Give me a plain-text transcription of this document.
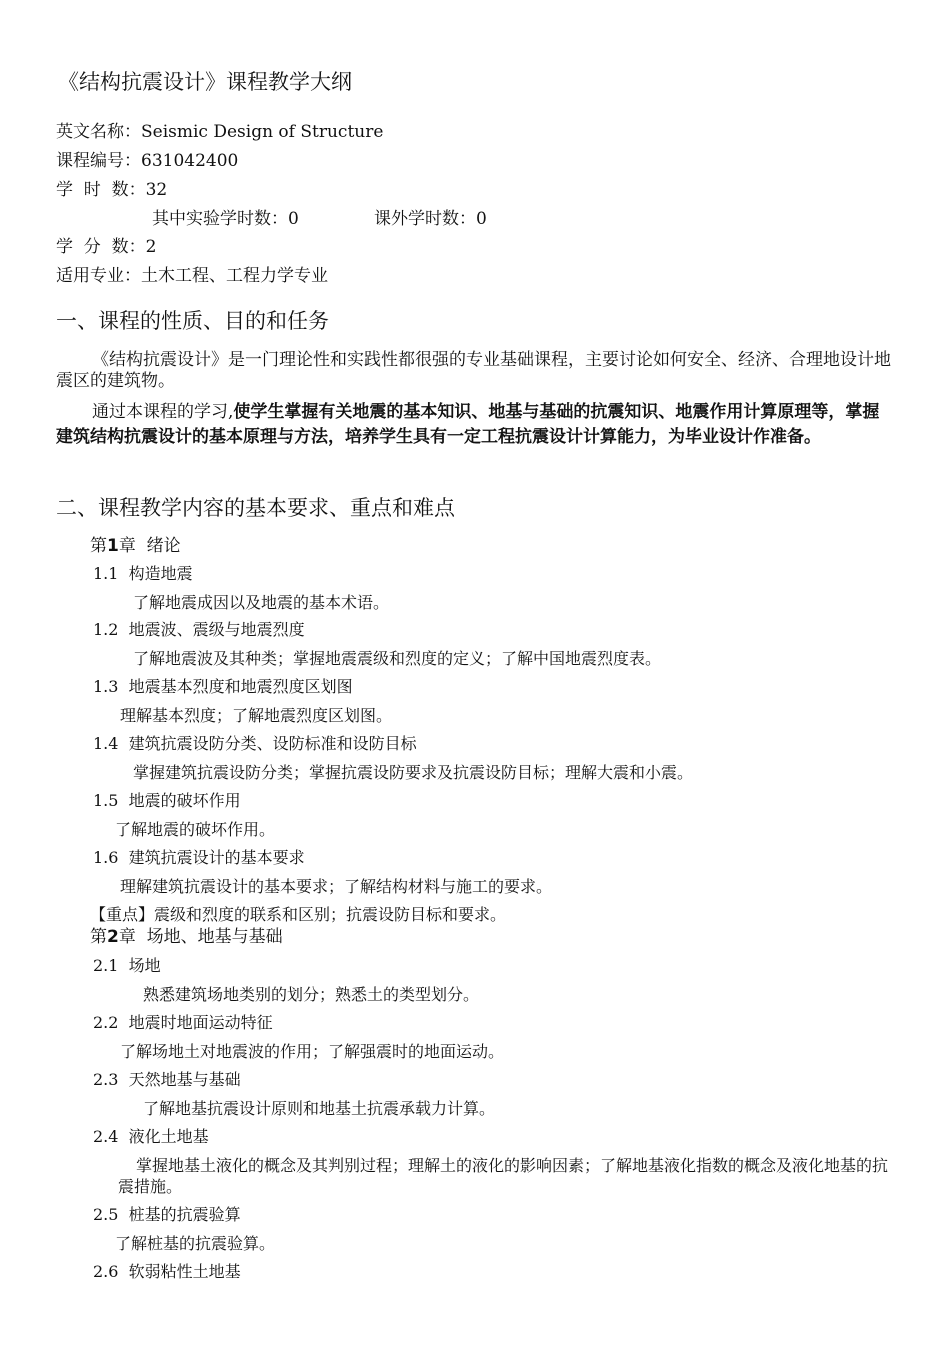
《结构抗震设计》课程教学大纲
英文名称：Seismic Design of Structure
课程编号：631042400
学  时  数：32
其中实验学时数：0	课外学时数：0
学  分  数：2
适用专业：土木工程、工程力学专业
一、课程的性质、目的和任务
《结构抗震设计》是一门理论性和实践性都很强的专业基础课程，主要讨论如何安全、经济、合理地设计地震区的建筑物。
通过本课程的学习,使学生掌握有关地震的基本知识、地基与基础的抗震知识、地震作用计算原理等，掌握建筑结构抗震设计的基本原理与方法，培养学生具有一定工程抗震设计计算能力，为毕业设计作准备。
二、课程教学内容的基本要求、重点和难点
第1章  绪论
1.1  构造地震
了解地震成因以及地震的基本术语。
1.2  地震波、震级与地震烈度
了解地震波及其种类；掌握地震震级和烈度的定义；了解中国地震烈度表。
1.3  地震基本烈度和地震烈度区划图
理解基本烈度；了解地震烈度区划图。
1.4  建筑抗震设防分类、设防标准和设防目标
掌握建筑抗震设防分类；掌握抗震设防要求及抗震设防目标；理解大震和小震。
1.5  地震的破坏作用
了解地震的破坏作用。
1.6  建筑抗震设计的基本要求
理解建筑抗震设计的基本要求；了解结构材料与施工的要求。
【重点】震级和烈度的联系和区别；抗震设防目标和要求。
第2章  场地、地基与基础
2.1  场地
熟悉建筑场地类别的划分；熟悉土的类型划分。
2.2  地震时地面运动特征
了解场地土对地震波的作用；了解强震时的地面运动。
2.3  天然地基与基础
了解地基抗震设计原则和地基土抗震承载力计算。
2.4  液化土地基
掌握地基土液化的概念及其判别过程；理解土的液化的影响因素；了解地基液化指数的概念及液化地基的抗震措施。
2.5  桩基的抗震验算
了解桩基的抗震验算。
2.6  软弱粘性土地基
